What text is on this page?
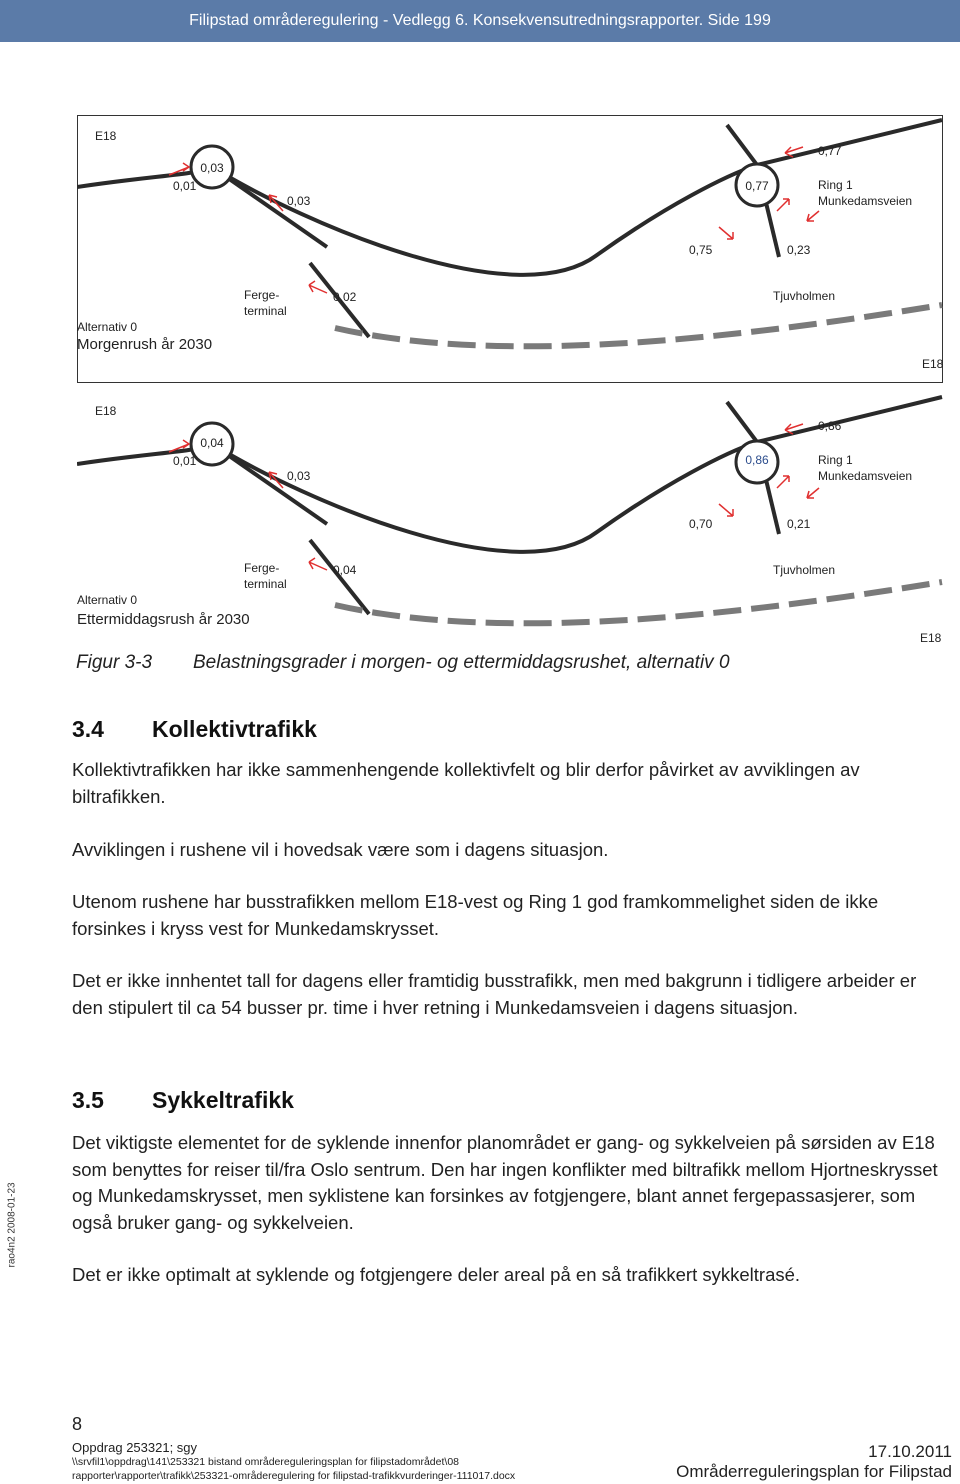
Filipstad områderegulering - Vedlegg 6. Konsekvensutredningsrapporter. Side 199
E18
0,01
0,03
0,03
0,02
Ferge-
terminal
Alternativ 0
Morgenrush år 2030
0,77
0,77	Ring 1
Munkedamsveien
0,75	0,23
Tjuvholmen
E18
E18
0,01
0,04
0,03
0,04
Ferge-
terminal
Alternativ 0
Ettermiddagsrush år 2030
0,86
0,86	Ring 1
Munkedamsveien
0,70	0,21
Tjuvholmen
E18
Figur 3-3 Belastningsgrader i morgen- og ettermiddagsrushet, alternativ 0
3.4 Kollektivtrafikk
Kollektivtrafikken har ikke sammenhengende kollektivfelt og blir derfor påvirket av avviklingen av biltrafikken.
Avviklingen i rushene vil i hovedsak være som i dagens situasjon.
Utenom rushene har busstrafikken mellom E18-vest og Ring 1 god framkommelighet siden de ikke forsinkes i kryss vest for Munkedamskrysset.
Det er ikke innhentet tall for dagens eller framtidig busstrafikk, men med bakgrunn i tidligere arbeider er den stipulert til ca 54 busser pr. time i hver retning i Munkedamsveien i dagens situasjon.
3.5 Sykkeltrafikk
Det viktigste elementet for de syklende innenfor planområdet er gang- og sykkelveien på sørsiden av E18 som benyttes for reiser til/fra Oslo sentrum. Den har ingen konflikter med biltrafikk mellom Hjortneskrysset og Munkedamskrysset, men syklistene kan forsinkes av fotgjengere, blant annet fergepassasjerer, som også bruker gang- og sykkelveien.
Det er ikke optimalt at syklende og fotgjengere deler areal på en så trafikkert sykkeltrasé.
rao4n2 2008-01-23
8
Oppdrag 253321; sgy
\\srvfil1\oppdrag\141\253321 bistand områdereguleringsplan for filipstadområdet\08
rapporter\rapporter\trafikk\253321-områderegulering for filipstad-trafikkvurderinger-111017.docx
17.10.2011
Områderreguleringsplan for Filipstad
